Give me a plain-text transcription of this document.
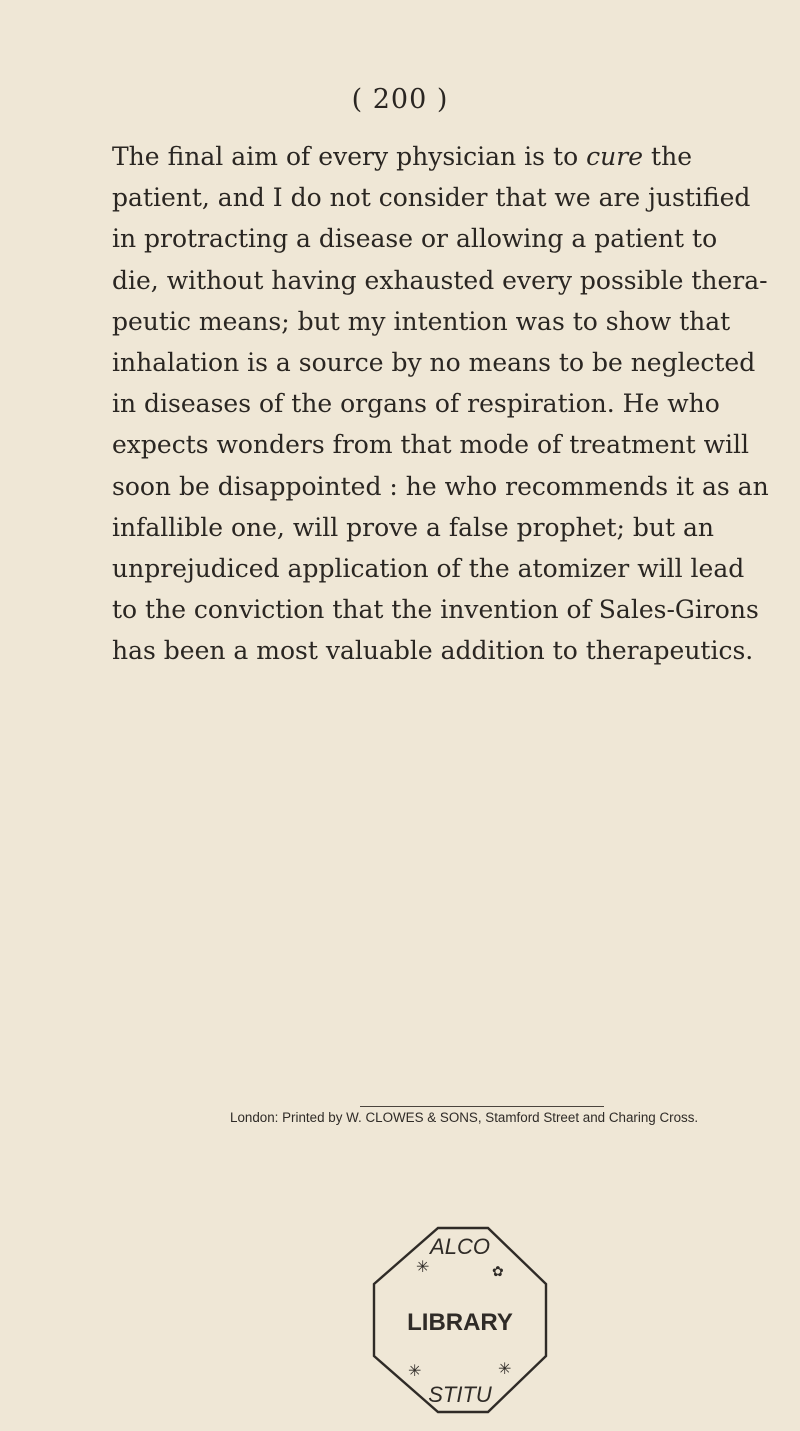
( 200 )
The final aim of every physician is to cure the
patient, and I do not consider that we are justified
in protracting a disease or allowing a patient to
die, without having exhausted every possible thera-
peutic means; but my intention was to show that
inhalation is a source by no means to be neglected
in diseases of the organs of respiration. He who
expects wonders from that mode of treatment will
soon be disappointed : he who recommends it as an
infallible one, will prove a false prophet; but an
unprejudiced application of the atomizer will lead
to the conviction that the invention of Sales-Girons
has been a most valuable addition to therapeutics.
London: Printed by W. CLOWES & SONS, Stamford Street and Charing Cross.
ALCO
LIBRARY
STITU
✳	✿
✳	✳
